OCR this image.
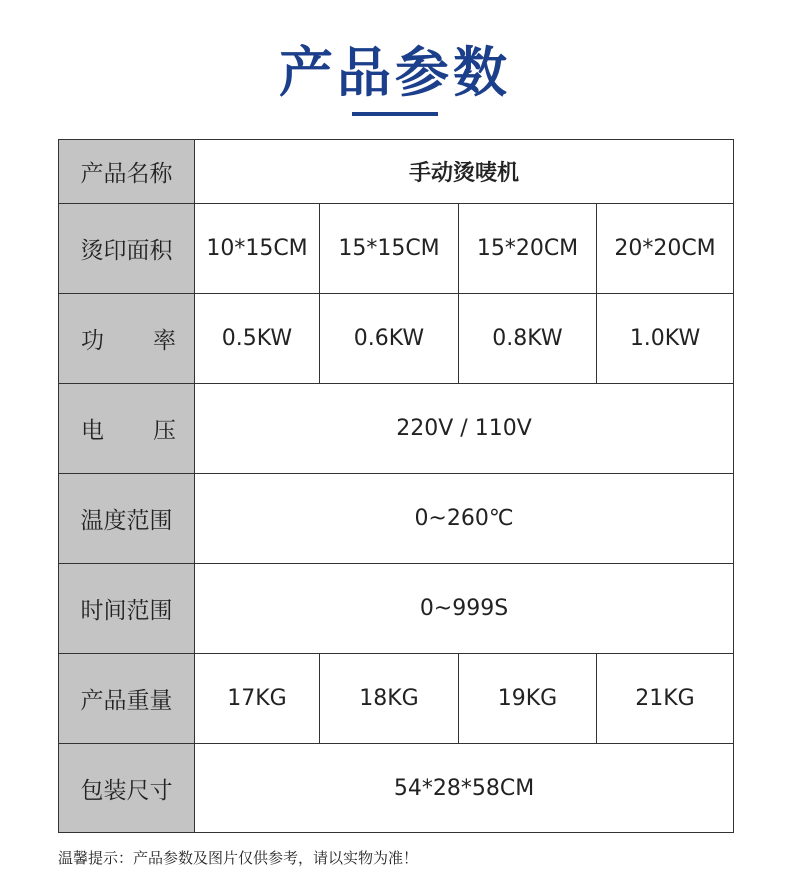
产品参数
产品名称	手动烫唛机			
烫印面积	10*15CM	15*15CM	15*20CM	20*20CM

功 率	0.5KW	0.6KW	0.8KW	1.0KW

电 压	220V / 110V			
温度范围	0~260℃			
时间范围	0~999S			
产品重量	17KG	18KG	19KG	21KG
包装尺寸	54*28*58CM			
温馨提示：产品参数及图片仅供参考，请以实物为准！
